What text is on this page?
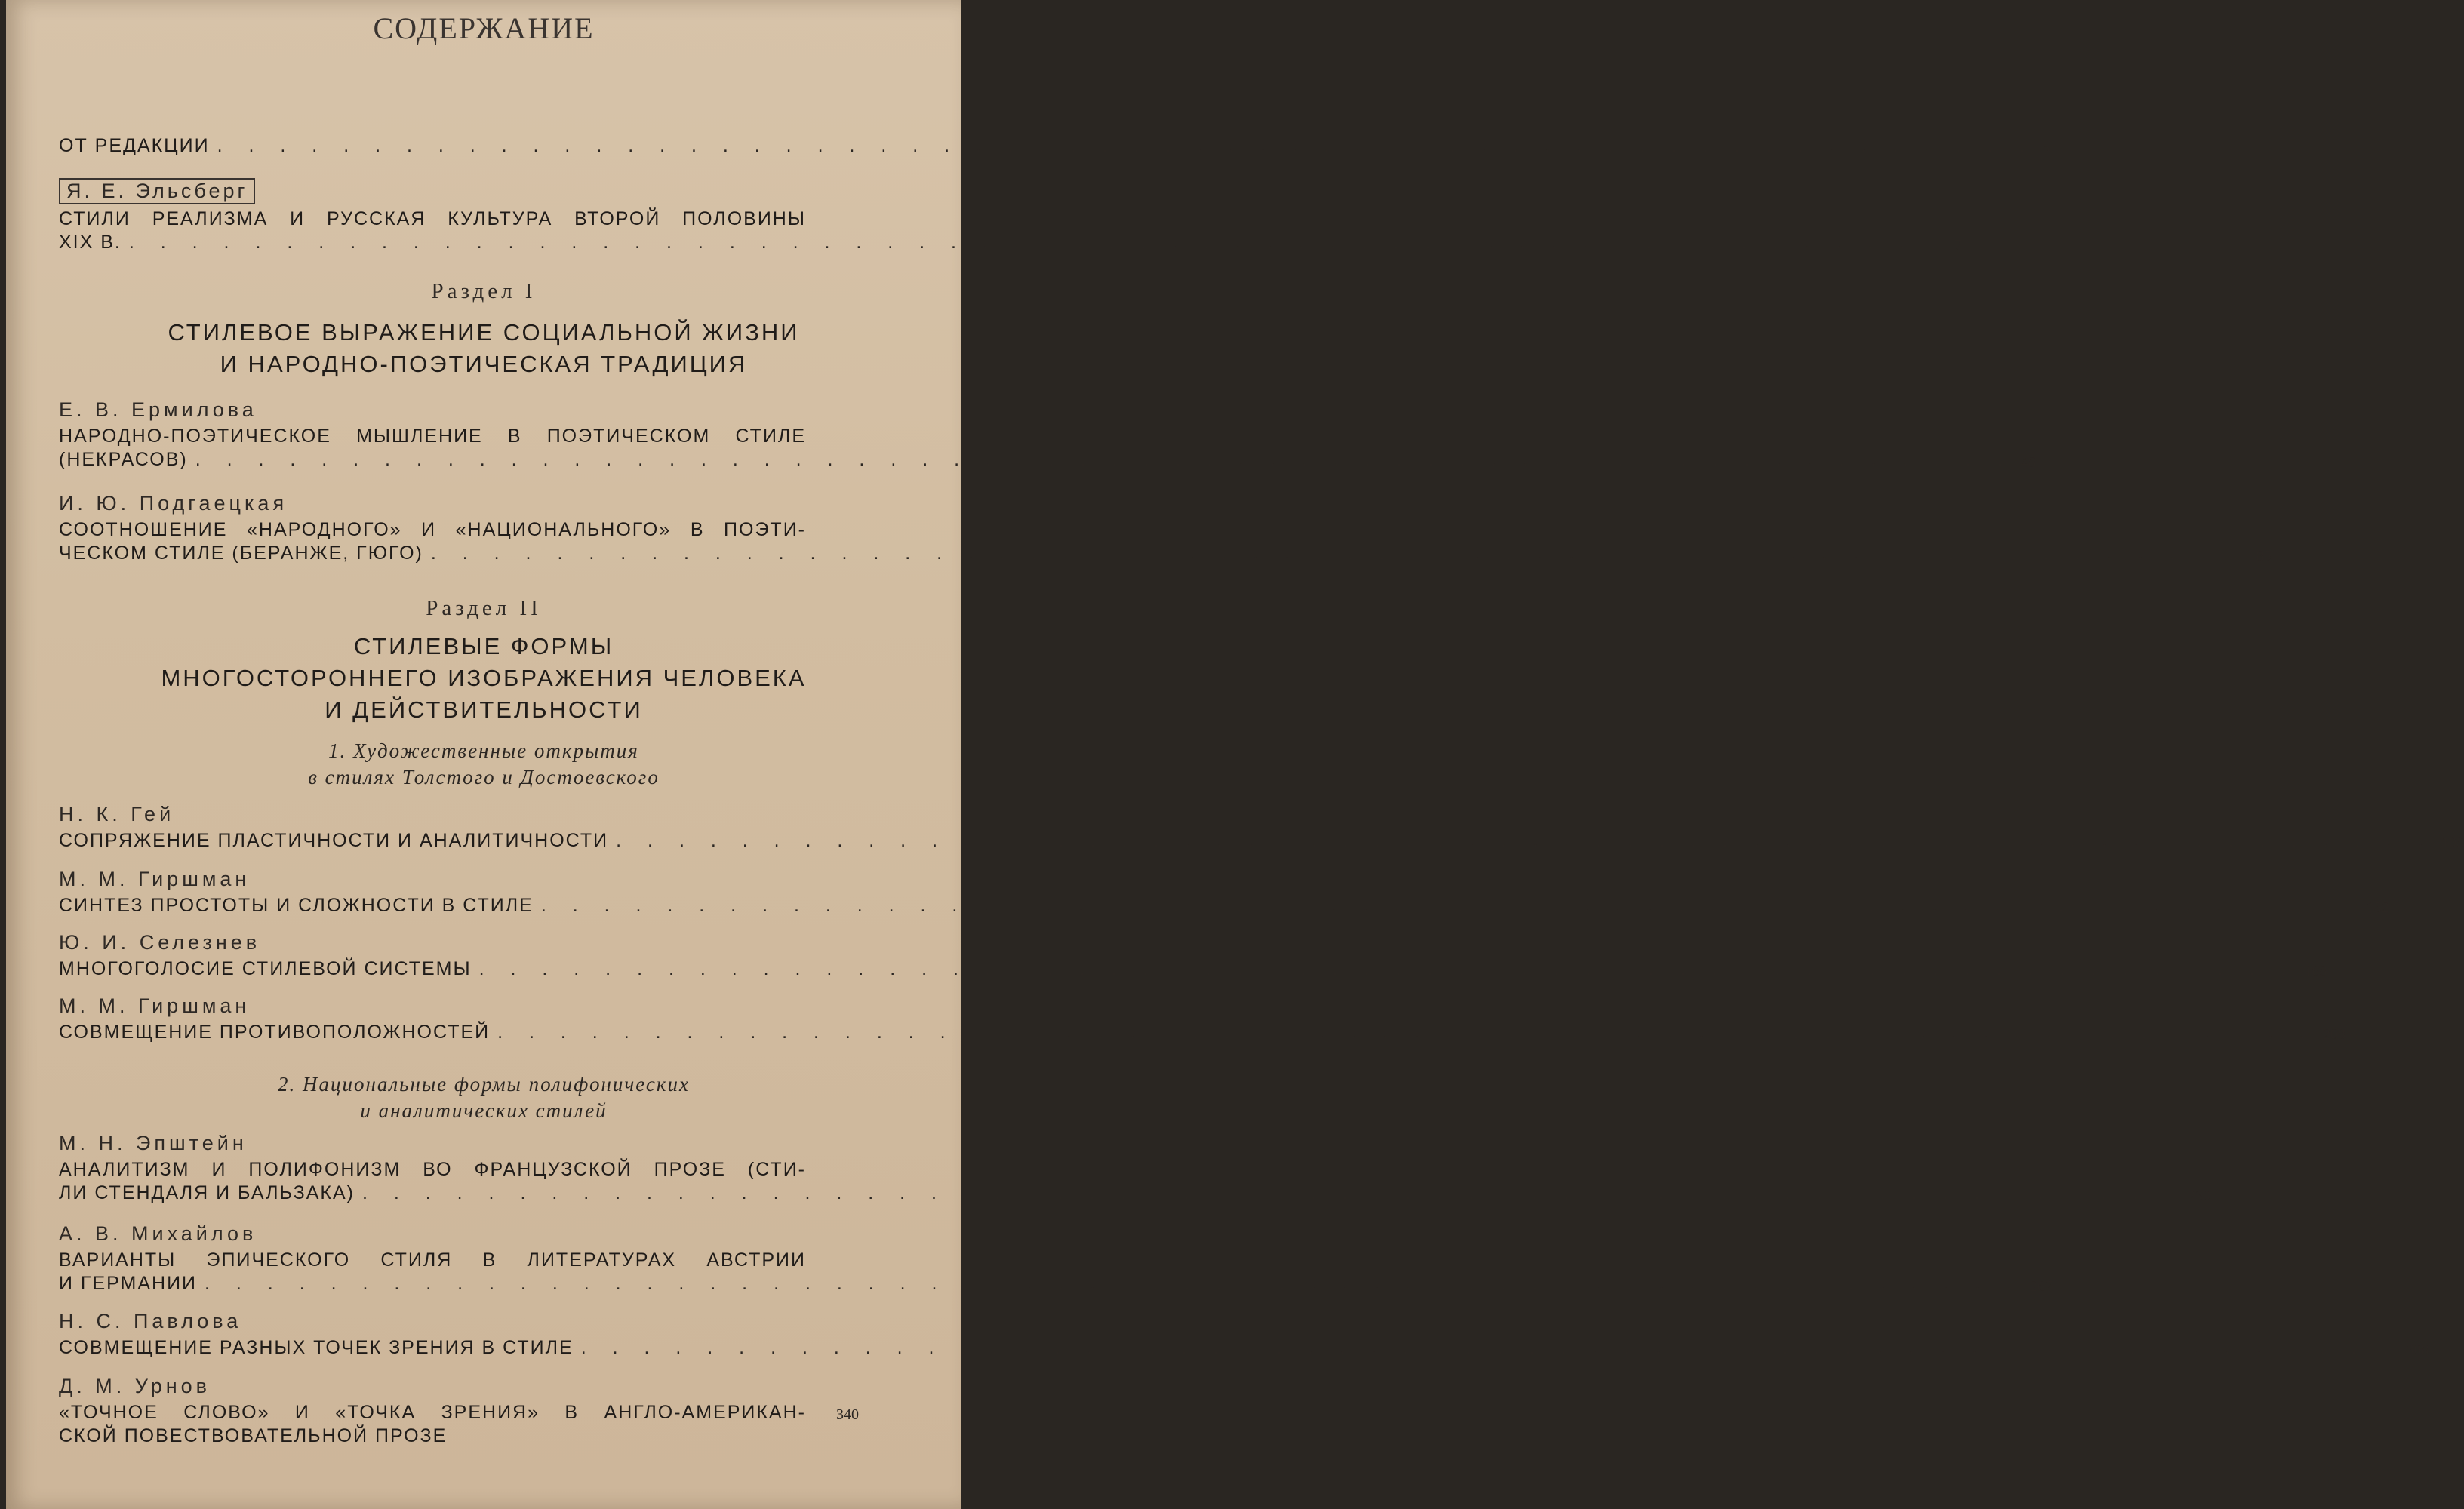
СОДЕРЖАНИЕ
ОТ РЕДАКЦИИ . . . . . . . . . . . . . . . . . . . . . . . . . . . . . . . . . . . . . . . . . . . . . . . . . . . . . . . . . . 5
Я. Е. Эльсберг
СТИЛИ РЕАЛИЗМА И РУССКАЯ КУЛЬТУРА ВТОРОЙ ПОЛОВИНЫ
XIX В. . . . . . . . . . . . . . . . . . . . . . . . . . . . . . . . . . . . . . . . . . . . . . . . . . . . . . . . . . . 7
Раздел I
СТИЛЕВОЕ ВЫРАЖЕНИЕ СОЦИАЛЬНОЙ ЖИЗНИ
И НАРОДНО-ПОЭТИЧЕСКАЯ ТРАДИЦИЯ
Е. В. Ермилова
НАРОДНО-ПОЭТИЧЕСКОЕ МЫШЛЕНИЕ В ПОЭТИЧЕСКОМ СТИЛЕ
(НЕКРАСОВ) . . . . . . . . . . . . . . . . . . . . . . . . . . . . . . . . . . . . . . . . . . . . . . . . . . . . . . . . . . 48
И. Ю. Подгаецкая
СООТНОШЕНИЕ «НАРОДНОГО» И «НАЦИОНАЛЬНОГО» В ПОЭТИ-
ЧЕСКОМ СТИЛЕ (БЕРАНЖЕ, ГЮГО) . . . . . . . . . . . . . . . . . . . . . . . . . . . . . . . . . . . . . . . . . . . . . . . . . . . . . . . . . . 85
Раздел II
СТИЛЕВЫЕ ФОРМЫ
МНОГОСТОРОННЕГО ИЗОБРАЖЕНИЯ ЧЕЛОВЕКА
И ДЕЙСТВИТЕЛЬНОСТИ
1. Художественные открытия
в стилях Толстого и Достоевского
Н. К. Гей
СОПРЯЖЕНИЕ ПЛАСТИЧНОСТИ И АНАЛИТИЧНОСТИ . . . . . . . . . . . . . . . . . . . . . . . . . . . . . . . . . . . . . . . . . . . . . . . . . . . . . . . . . . 108
М. М. Гиршман
СИНТЕЗ ПРОСТОТЫ И СЛОЖНОСТИ В СТИЛЕ . . . . . . . . . . . . . . . . . . . . . . . . . . . . . . . . . . . . . . . . . . . . . . . . . . . . . . . . . . 152
Ю. И. Селезнев
МНОГОГОЛОСИЕ СТИЛЕВОЙ СИСТЕМЫ . . . . . . . . . . . . . . . . . . . . . . . . . . . . . . . . . . . . . . . . . . . . . . . . . . . . . . . . . . 168
М. М. Гиршман
СОВМЕЩЕНИЕ ПРОТИВОПОЛОЖНОСТЕЙ . . . . . . . . . . . . . . . . . . . . . . . . . . . . . . . . . . . . . . . . . . . . . . . . . . . . . . . . . . 208
2. Национальные формы полифонических
и аналитических стилей
М. Н. Эпштейн
АНАЛИТИЗМ И ПОЛИФОНИЗМ ВО ФРАНЦУЗСКОЙ ПРОЗЕ (СТИ-
ЛИ СТЕНДАЛЯ И БАЛЬЗАКА) . . . . . . . . . . . . . . . . . . . . . . . . . . . . . . . . . . . . . . . . . . . . . . . . . . . . . . . . . . 230
А. В. Михайлов
ВАРИАНТЫ ЭПИЧЕСКОГО СТИЛЯ В ЛИТЕРАТУРАХ АВСТРИИ
И ГЕРМАНИИ . . . . . . . . . . . . . . . . . . . . . . . . . . . . . . . . . . . . . . . . . . . . . . . . . . . . . . . . . . 267
Н. С. Павлова
СОВМЕЩЕНИЕ РАЗНЫХ ТОЧЕК ЗРЕНИЯ В СТИЛЕ . . . . . . . . . . . . . . . . . . . . . . . . . . . . . . . . . . . . . . . . . . . . . . . . . . . . . . . . . . 308
Д. М. Урнов
«ТОЧНОЕ СЛОВО» И «ТОЧКА ЗРЕНИЯ» В АНГЛО-АМЕРИКАН-	340
СКОЙ ПОВЕСТВОВАТЕЛЬНОЙ ПРОЗЕ
